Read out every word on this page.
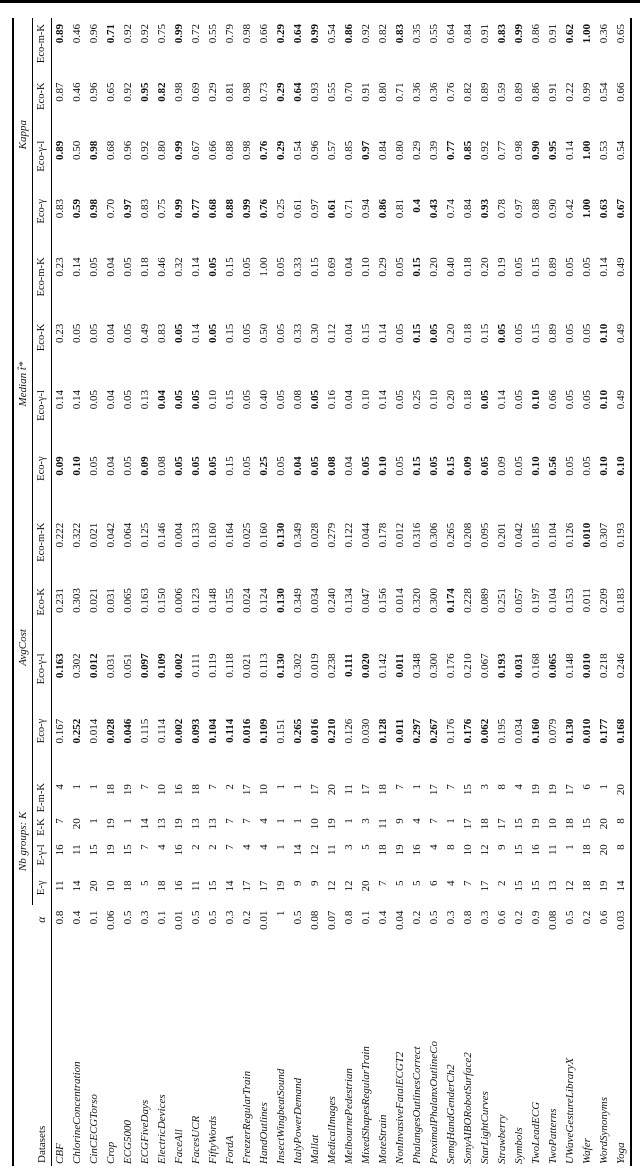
Datasets	α	Nb groups: K				AvgCost				Median t̂*				Kappa			
		E-γ	E-γ-l	E-K	E-m-K	Eco-γ	Eco-γ-l	Eco-K	Eco-m-K	Eco-γ	Eco-γ-l	Eco-K	Eco-m-K	Eco-γ	Eco-γ-l	Eco-K	Eco-m-K
CBF	0.8	11	16	7	4	0.167	0.163	0.231	0.222	0.09	0.14	0.23	0.23	0.83	0.89	0.87	0.89
ChlorineConcentration	0.4	14	11	20	1	0.252	0.302	0.303	0.322	0.10	0.14	0.05	0.14	0.59	0.50	0.46	0.46
CinCECGTorso	0.1	20	15	1	1	0.014	0.012	0.021	0.021	0.05	0.05	0.05	0.05	0.98	0.98	0.96	0.96
Crop	0.06	10	19	19	18	0.028	0.031	0.031	0.042	0.04	0.04	0.04	0.04	0.70	0.68	0.65	0.71
ECG5000	0.5	18	15	1	19	0.046	0.051	0.065	0.064	0.05	0.05	0.05	0.05	0.97	0.96	0.92	0.92
ECGFiveDays	0.3	5	7	14	7	0.115	0.097	0.163	0.125	0.09	0.13	0.49	0.18	0.83	0.92	0.95	0.92
ElectricDevices	0.1	18	4	13	10	0.114	0.109	0.150	0.146	0.08	0.04	0.83	0.46	0.75	0.80	0.82	0.75
FaceAll	0.01	16	16	19	16	0.002	0.002	0.006	0.004	0.05	0.05	0.05	0.32	0.99	0.99	0.98	0.99
FacesUCR	0.5	11	2	13	18	0.093	0.111	0.123	0.133	0.05	0.05	0.14	0.14	0.77	0.67	0.69	0.72
FiftyWords	0.5	15	2	13	7	0.104	0.119	0.148	0.160	0.05	0.10	0.05	0.05	0.68	0.66	0.29	0.55
FordA	0.3	14	7	7	2	0.114	0.118	0.155	0.164	0.15	0.15	0.15	0.15	0.88	0.88	0.81	0.79
FreezerRegularTrain	0.2	17	4	7	17	0.016	0.021	0.024	0.025	0.05	0.05	0.05	0.05	0.99	0.98	0.98	0.98
HandOutlines	0.01	17	4	4	10	0.109	0.113	0.124	0.160	0.25	0.40	0.50	1.00	0.76	0.76	0.73	0.66
InsectWingbeatSound	1	19	1	1	1	0.151	0.130	0.130	0.130	0.05	0.05	0.05	0.05	0.25	0.29	0.29	0.29
ItalyPowerDemand	0.5	9	14	1	1	0.265	0.302	0.349	0.349	0.04	0.08	0.33	0.33	0.61	0.54	0.64	0.64
Mallat	0.08	9	12	10	17	0.016	0.019	0.034	0.028	0.05	0.05	0.30	0.15	0.97	0.96	0.93	0.99
MedicalImages	0.07	12	11	19	20	0.210	0.238	0.240	0.279	0.08	0.16	0.12	0.69	0.61	0.57	0.55	0.54
MelbournePedestrian	0.8	12	3	1	11	0.126	0.111	0.134	0.122	0.04	0.04	0.04	0.04	0.71	0.85	0.70	0.86
MixedShapesRegularTrain	0.1	20	5	3	17	0.030	0.020	0.047	0.044	0.05	0.10	0.15	0.10	0.94	0.97	0.91	0.92
MoteStrain	0.4	7	18	11	18	0.128	0.142	0.156	0.178	0.10	0.14	0.14	0.29	0.86	0.84	0.80	0.82
NonInvasiveFatalECGT2	0.04	5	19	9	7	0.011	0.011	0.014	0.012	0.05	0.05	0.05	0.05	0.81	0.80	0.71	0.83
PhalangesOutlinesCorrect	0.2	5	16	4	1	0.297	0.348	0.320	0.316	0.15	0.25	0.15	0.15	0.4	0.29	0.36	0.35
ProximalPhalanxOutlineCo	0.5	6	4	7	17	0.267	0.300	0.300	0.306	0.05	0.10	0.05	0.20	0.43	0.39	0.36	0.55
SemgHandGenderCh2	0.3	4	8	1	7	0.176	0.176	0.174	0.265	0.15	0.20	0.20	0.40	0.74	0.77	0.76	0.64
SonyAIBORobotSurface2	0.8	7	10	17	15	0.176	0.210	0.228	0.208	0.09	0.18	0.18	0.18	0.84	0.85	0.82	0.84
StarLightCurves	0.3	17	12	18	3	0.062	0.067	0.089	0.095	0.05	0.05	0.15	0.20	0.93	0.92	0.89	0.91
Strawberry	0.6	2	9	17	8	0.195	0.193	0.251	0.201	0.09	0.14	0.05	0.19	0.78	0.77	0.59	0.83
Symbols	0.2	15	15	15	4	0.034	0.031	0.057	0.042	0.05	0.05	0.05	0.05	0.97	0.98	0.89	0.99
TwoLeadECG	0.9	15	16	19	19	0.160	0.168	0.197	0.185	0.10	0.10	0.15	0.15	0.88	0.90	0.86	0.86
TwoPatterns	0.08	13	11	10	19	0.079	0.065	0.104	0.104	0.56	0.66	0.89	0.89	0.90	0.95	0.91	0.91
UWaveGestureLibraryX	0.5	12	1	18	17	0.130	0.148	0.153	0.126	0.05	0.05	0.05	0.05	0.42	0.14	0.22	0.62
Wafer	0.2	18	18	15	6	0.010	0.010	0.011	0.010	0.05	0.05	0.05	0.05	1.00	1.00	0.99	1.00
WordSynonyms	0.6	19	20	20	1	0.177	0.218	0.209	0.307	0.10	0.10	0.10	0.14	0.63	0.53	0.54	0.36
Yoga	0.03	14	8	8	20	0.168	0.246	0.183	0.193	0.10	0.49	0.49	0.49	0.67	0.54	0.66	0.65
